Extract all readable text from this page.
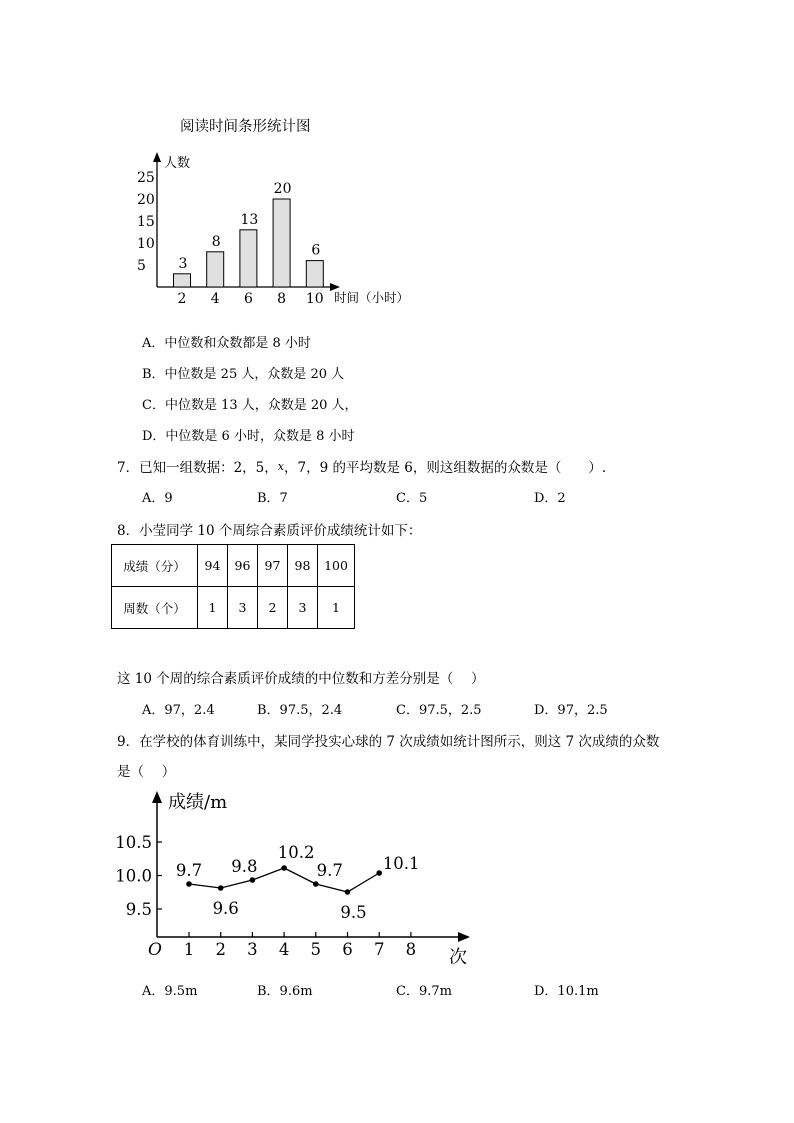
阅读时间条形统计图
人数
时间（小时）
5
10
15
20
25
2 4 6 8 10
3
8
13
20
6
A．中位数和众数都是 8 小时
B．中位数是 25 人，众数是 20 人
C．中位数是 13 人，众数是 20 人，
D．中位数是 6 小时，众数是 8 小时
7．已知一组数据：2，5，x，7，9 的平均数是 6，则这组数据的众数是（　　）.
A．9	B．7	C．5	D．2
8．小莹同学 10 个周综合素质评价成绩统计如下：
成绩（分）	94	96	97	98	100
周数（个）	1	3	2	3	1
这 10 个周的综合素质评价成绩的中位数和方差分别是（　 ）
A．97，2.4	B．97.5，2.4	C．97.5，2.5	D．97，2.5
9．在学校的体育训练中，某同学投实心球的 7 次成绩如统计图所示，则这 7 次成绩的众数
是（　 ）
成绩/m
次
O
9.5
10.0
10.5
1 2 3 4 5 6 7 8
9.7
9.6
9.8
10.2
9.7
9.5
10.1
A．9.5m	B．9.6m	C．9.7m	D．10.1m
